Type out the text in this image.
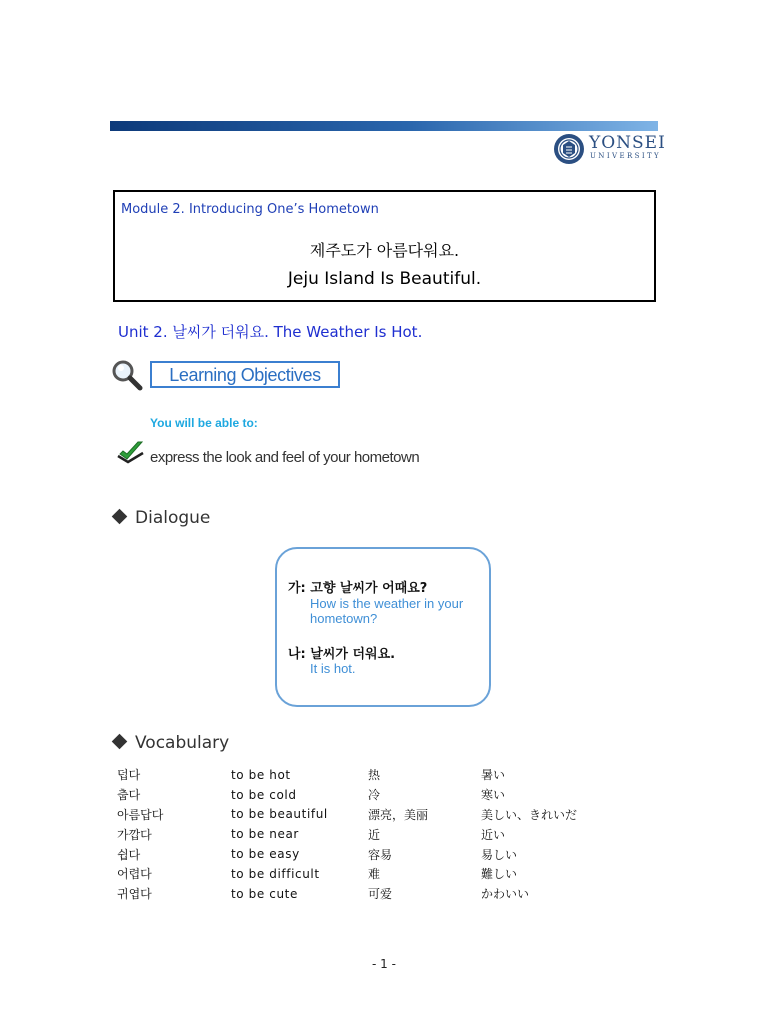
YONSEI
UNIVERSITY
Module 2. Introducing One’s Hometown
제주도가 아름다워요.
Jeju Island Is Beautiful.
Unit 2. 날씨가 더워요. The Weather Is Hot.
Learning Objectives
You will be able to:
express the look and feel of your hometown
Dialogue
가: 고향 날씨가 어때요?
How is the weather in your hometown?
나: 날씨가 더워요.
It is hot.
Vocabulary
덥다	to be hot	热	暑い
춥다	to be cold	冷	寒い
아름답다	to be beautiful	漂亮，美丽	美しい、きれいだ
가깝다	to be near	近	近い
쉽다	to be easy	容易	易しい
어렵다	to be difficult	难	難しい
귀엽다	to be cute	可爱	かわいい
- 1 -
